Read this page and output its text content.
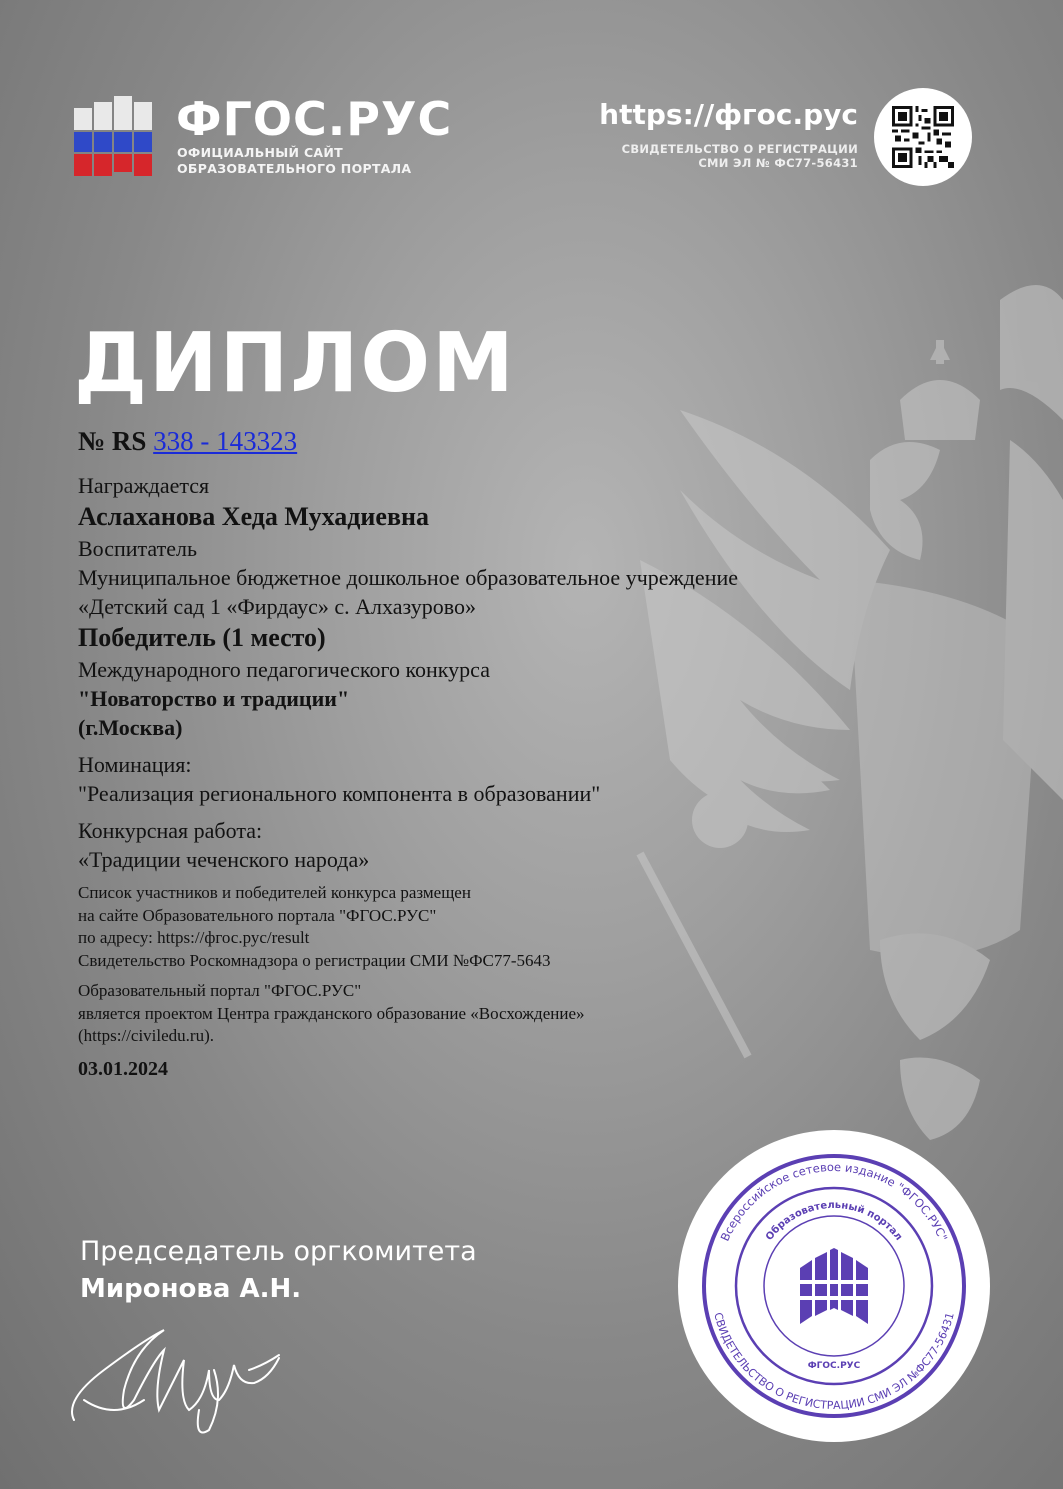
ФГОС.РУС
ОФИЦИАЛЬНЫЙ САЙТ
ОБРАЗОВАТЕЛЬНОГО ПОРТАЛА
https://фгос.рус
СВИДЕТЕЛЬСТВО О РЕГИСТРАЦИИ
СМИ ЭЛ № ФС77-56431
ДИПЛОМ

№ RS 338 - 143323

Награждается

Аслаханова Хеда Мухадиевна

Воспитатель

Муниципальное бюджетное дошкольное образовательное учреждение

«Детский сад 1 «Фирдаус» с. Алхазурово»

Победитель (1 место)

Международного педагогического конкурса

"Новаторство и традиции"

(г.Москва)

Номинация:

"Реализация регионального компонента в образовании"

Конкурсная работа:

«Традиции чеченского народа»

Список участников и победителей конкурса размещен

на сайте Образовательного портала "ФГОС.РУС"

по адресу: https://фгос.рус/result

Свидетельство Роскомнадзора о регистрации СМИ №ФС77-5643

Образовательный портал "ФГОС.РУС"

является проектом Центра гражданского образование «Восхождение»

(https://civiledu.ru).

03.01.2024

Председатель оргкомитета
Миронова А.Н.
Всероссийское сетевое издание "ФГОС.РУС"
СВИДЕТЕЛЬСТВО О РЕГИСТРАЦИИ СМИ ЭЛ №ФС77-56431
Образовательный портал
ФГОС.РУС
